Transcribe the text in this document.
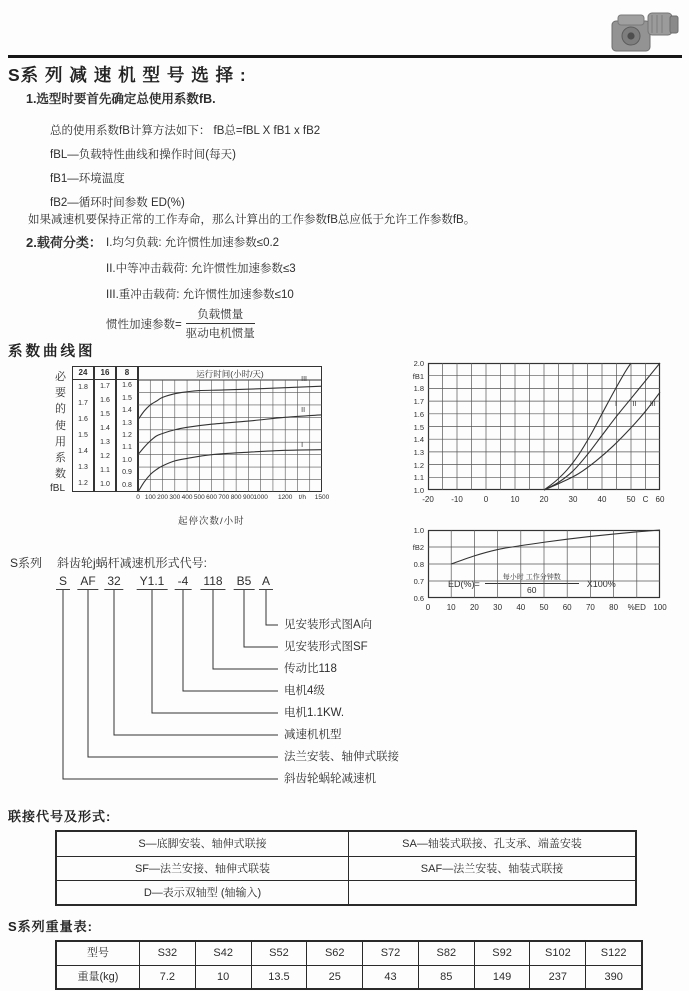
S系 列 减 速 机 型 号 选 择 :
1.选型时要首先确定总使用系数fB.
总的使用系数fB计算方法如下： fB总=fBL X fB1 x fB2
fBL—负载特性曲线和操作时间(每天)
fB1—环境温度
fB2—循环时间参数 ED(%)
如果减速机要保持正常的工作寿命，那么计算出的工作参数fB总应低于允许工作参数fB。
2.载荷分类： I.均匀负载: 允许惯性加速参数≤0.2
II.中等冲击载荷: 允许惯性加速参数≤3
III.重冲击载荷: 允许惯性加速参数≤10
惯性加速参数= $\frac{\text{负载惯量}}{\text{驱动电机惯量}}$
系数曲线图
必
要
的
使
用
系
数
fBL
24
1.8
1.7
1.6
1.5
1.4
1.3
1.2
16
1.7
1.6
1.5
1.4
1.3
1.2
1.1
1.0
8
1.6
1.5
1.4
1.3
1.2
1.1
1.0
0.9
0.8
III
II
I
运行时间(小时/天)
0 100 200 300 400 500 600 700 800 900 1000 1200 t/h 1500
起停次数/小时
I II III
2.0
fB1
1.8
1.7
1.6
1.5
1.4
1.3
1.2
1.1
1.0
-20 -10	0	10	20	30	40	50 C 60
$ED(\%)= \frac{\text{每小时 工作分钟数}}{60} X100\%$
1.0
fB2
0.8
0.7
0.6
0 10 20 30 40 50 60 70 80 %ED 100
S系列 斜齿轮j蜗杆减速机形式代号:
S AF 32 Y1.1 -4 118 B5 A
见安装形式图A向
见安装形式图SF
传动比118
电机4级
电机1.1KW.
减速机机型
法兰安装、轴伸式联接
斜齿轮蜗轮减速机
联接代号及形式:
S—底脚安装、轴伸式联接	SA—轴装式联接、孔支承、端盖安装
SF—法兰安接、轴伸式联装	SAF—法兰安装、轴装式联接
D—表示双轴型 (轴输入)
S系列重量表:
型号	S32	S42	S52	S62	S72	S82	S92	S102	S122
重量(kg)	7.2	10	13.5	25	43	85	149	237	390
